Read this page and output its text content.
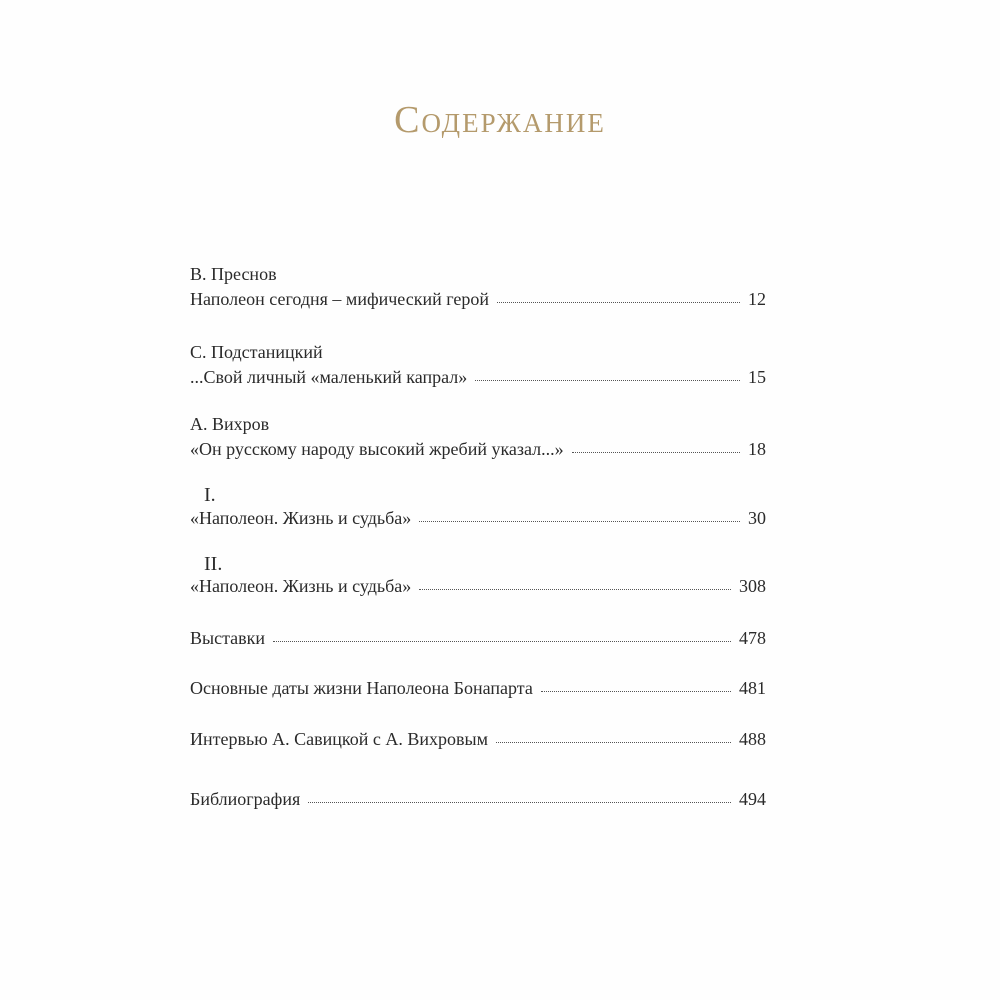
Содержание
В. Преснов
Наполеон сегодня – мифический герой	12
С. Подстаницкий
...Свой личный «маленький капрал»	15
А. Вихров
«Он русскому народу высокий жребий указал...»	18
I.
«Наполеон. Жизнь и судьба»	30
II.
«Наполеон. Жизнь и судьба»	308
Выставки	478
Основные даты жизни Наполеона Бонапарта	481
Интервью А. Савицкой с А. Вихровым	488
Библиография	494
